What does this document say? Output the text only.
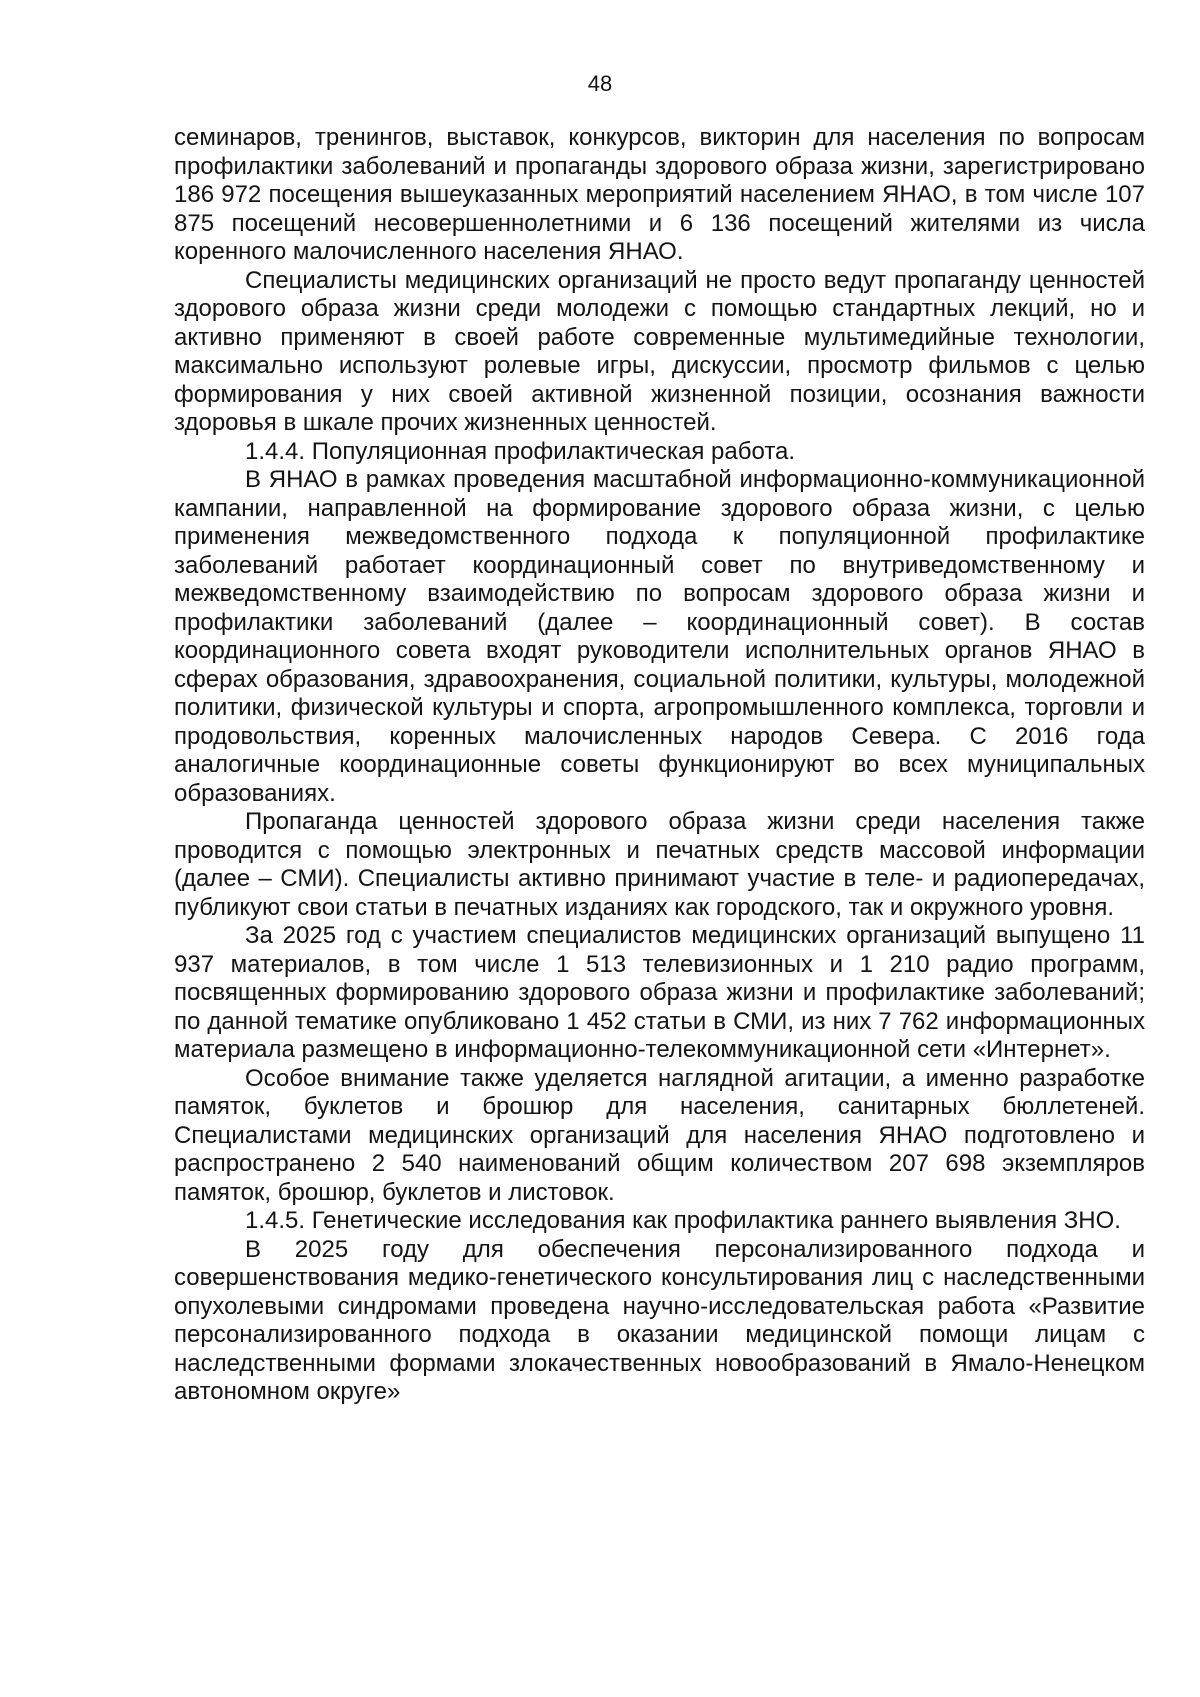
48

семинаров, тренингов, выставок, конкурсов, викторин для населения по вопросам профилактики заболеваний и пропаганды здорового образа жизни, зарегистрировано 186 972 посещения вышеуказанных мероприятий населением ЯНАО, в том числе 107 875 посещений несовершеннолетними и 6 136 посещений жителями из числа коренного малочисленного населения ЯНАО.

Специалисты медицинских организаций не просто ведут пропаганду ценностей здорового образа жизни среди молодежи с помощью стандартных лекций, но и активно применяют в своей работе современные мультимедийные технологии, максимально используют ролевые игры, дискуссии, просмотр фильмов с целью формирования у них своей активной жизненной позиции, осознания важности здоровья в шкале прочих жизненных ценностей.

1.4.4. Популяционная профилактическая работа.

В ЯНАО в рамках проведения масштабной информационно-коммуникационной кампании, направленной на формирование здорового образа жизни, с целью применения межведомственного подхода к популяционной профилактике заболеваний работает координационный совет по внутриведомственному и межведомственному взаимодействию по вопросам здорового образа жизни и профилактики заболеваний (далее – координационный совет). В состав координационного совета входят руководители исполнительных органов ЯНАО в сферах образования, здравоохранения, социальной политики, культуры, молодежной политики, физической культуры и спорта, агропромышленного комплекса, торговли и продовольствия, коренных малочисленных народов Севера. С 2016 года аналогичные координационные советы функционируют во всех муниципальных образованиях.

Пропаганда ценностей здорового образа жизни среди населения также проводится с помощью электронных и печатных средств массовой информации (далее – СМИ). Специалисты активно принимают участие в теле- и радиопередачах, публикуют свои статьи в печатных изданиях как городского, так и окружного уровня.

За 2025 год с участием специалистов медицинских организаций выпущено 11 937 материалов, в том числе 1 513 телевизионных и 1 210 радио программ, посвященных формированию здорового образа жизни и профилактике заболеваний; по данной тематике опубликовано 1 452 статьи в СМИ, из них 7 762 информационных материала размещено в информационно-телекоммуникационной сети «Интернет».

Особое внимание также уделяется наглядной агитации, а именно разработке памяток, буклетов и брошюр для населения, санитарных бюллетеней. Специалистами медицинских организаций для населения ЯНАО подготовлено и распространено 2 540 наименований общим количеством 207 698 экземпляров памяток, брошюр, буклетов и листовок.

1.4.5. Генетические исследования как профилактика раннего выявления ЗНО.

В 2025 году для обеспечения персонализированного подхода и совершенствования медико-генетического консультирования лиц с наследственными опухолевыми синдромами проведена научно-исследовательская работа «Развитие персонализированного подхода в оказании медицинской помощи лицам с наследственными формами злокачественных новообразований в Ямало-Ненецком автономном округе»
